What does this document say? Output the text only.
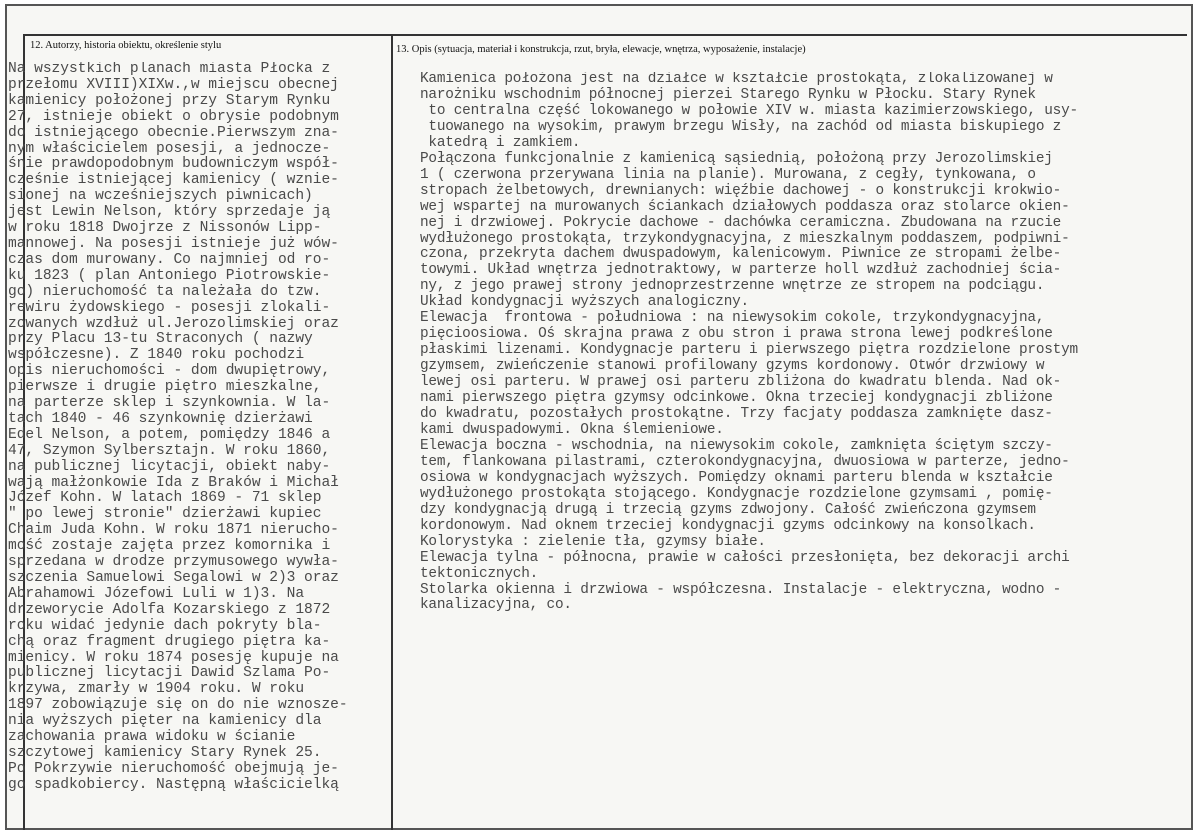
12. Autorzy, historia obiektu, określenie stylu	13. Opis (sytuacja, materiał i konstrukcja, rzut, bryła, elewacje, wnętrza, wyposażenie, instalacje)
Na wszystkich planach miasta Płocka z
przełomu XVIII)XIXw.,w miejscu obecnej
kamienicy położonej przy Starym Rynku
27, istnieje obiekt o obrysie podobnym
do istniejącego obecnie.Pierwszym zna-
nym właścicielem posesji, a jednocze-
śnie prawdopodobnym budowniczym współ-
cześnie istniejącej kamienicy ( wznie-
sionej na wcześniejszych piwnicach)
jest Lewin Nelson, który sprzedaje ją
w roku 1818 Dwojrze z Nissonów Lipp-
mannowej. Na posesji istnieje już wów-
czas dom murowany. Co najmniej od ro-
ku 1823 ( plan Antoniego Piotrowskie-
go) nieruchomość ta należała do tzw.
rewiru żydowskiego - posesji zlokali-
zowanych wzdłuż ul.Jerozolimskiej oraz
przy Placu 13-tu Straconych ( nazwy
współczesne). Z 1840 roku pochodzi
opis nieruchomości - dom dwupiętrowy,
pierwsze i drugie piętro mieszkalne,
na parterze sklep i szynkownia. W la-
tach 1840 - 46 szynkownię dzierżawi
Edel Nelson, a potem, pomiędzy 1846 a
47, Szymon Sylbersztajn. W roku 1860,
na publicznej licytacji, obiekt naby-
wają małżonkowie Ida z Braków i Michał
Józef Kohn. W latach 1869 - 71 sklep
" po lewej stronie" dzierżawi kupiec
Chaim Juda Kohn. W roku 1871 nierucho-
mość zostaje zajęta przez komornika i
sprzedana w drodze przymusowego wywła-
szczenia Samuelowi Segalowi w 2)3 oraz
Abrahamowi Józefowi Luli w 1)3. Na
drzeworycie Adolfa Kozarskiego z 1872
roku widać jedynie dach pokryty bla-
chą oraz fragment drugiego piętra ka-
mienicy. W roku 1874 posesję kupuje na
publicznej licytacji Dawid Szlama Po-
krzywa, zmarły w 1904 roku. W roku
1897 zobowiązuje się on do nie wznosze-
nia wyższych pięter na kamienicy dla
zachowania prawa widoku w ścianie
szczytowej kamienicy Stary Rynek 25.
Po Pokrzywie nieruchomość obejmują je-
go spadkobiercy. Następną właścicielką
Kamienica położona jest na działce w kształcie prostokąta, zlokalizowanej w
narożniku wschodnim północnej pierzei Starego Rynku w Płocku. Stary Rynek
to centralna część lokowanego w połowie XIV w. miasta kazimierzowskiego, usy-
tuowanego na wysokim, prawym brzegu Wisły, na zachód od miasta biskupiego z
katedrą i zamkiem.
Połączona funkcjonalnie z kamienicą sąsiednią, położoną przy Jerozolimskiej
1 ( czerwona przerywana linia na planie). Murowana, z cegły, tynkowana, o
stropach żelbetowych, drewnianych: więźbie dachowej - o konstrukcji krokwio-
wej wspartej na murowanych ściankach działowych poddasza oraz stolarce okien-
nej i drzwiowej. Pokrycie dachowe - dachówka ceramiczna. Zbudowana na rzucie
wydłużonego prostokąta, trzykondygnacyjna, z mieszkalnym poddaszem, podpiwni-
czona, przekryta dachem dwuspadowym, kalenicowym. Piwnice ze stropami żelbe-
towymi. Układ wnętrza jednotraktowy, w parterze holl wzdłuż zachodniej ścia-
ny, z jego prawej strony jednoprzestrzenne wnętrze ze stropem na podciągu.
Układ kondygnacji wyższych analogiczny.
Elewacja  frontowa - południowa : na niewysokim cokole, trzykondygnacyjna,
pięcioosiowa. Oś skrajna prawa z obu stron i prawa strona lewej podkreślone
płaskimi lizenami. Kondygnacje parteru i pierwszego piętra rozdzielone prostym
gzymsem, zwieńczenie stanowi profilowany gzyms kordonowy. Otwór drzwiowy w
lewej osi parteru. W prawej osi parteru zbliżona do kwadratu blenda. Nad ok-
nami pierwszego piętra gzymsy odcinkowe. Okna trzeciej kondygnacji zbliżone
do kwadratu, pozostałych prostokątne. Trzy facjaty poddasza zamknięte dasz-
kami dwuspadowymi. Okna ślemieniowe.
Elewacja boczna - wschodnia, na niewysokim cokole, zamknięta ściętym szczy-
tem, flankowana pilastrami, czterokondygnacyjna, dwuosiowa w parterze, jedno-
osiowa w kondygnacjach wyższych. Pomiędzy oknami parteru blenda w kształcie
wydłużonego prostokąta stojącego. Kondygnacje rozdzielone gzymsami , pomię-
dzy kondygnacją drugą i trzecią gzyms zdwojony. Całość zwieńczona gzymsem
kordonowym. Nad oknem trzeciej kondygnacji gzyms odcinkowy na konsolkach.
Kolorystyka : zielenie tła, gzymsy białe.
Elewacja tylna - północna, prawie w całości przesłonięta, bez dekoracji archi
tektonicznych.
Stolarka okienna i drzwiowa - współczesna. Instalacje - elektryczna, wodno -
kanalizacyjna, co.
